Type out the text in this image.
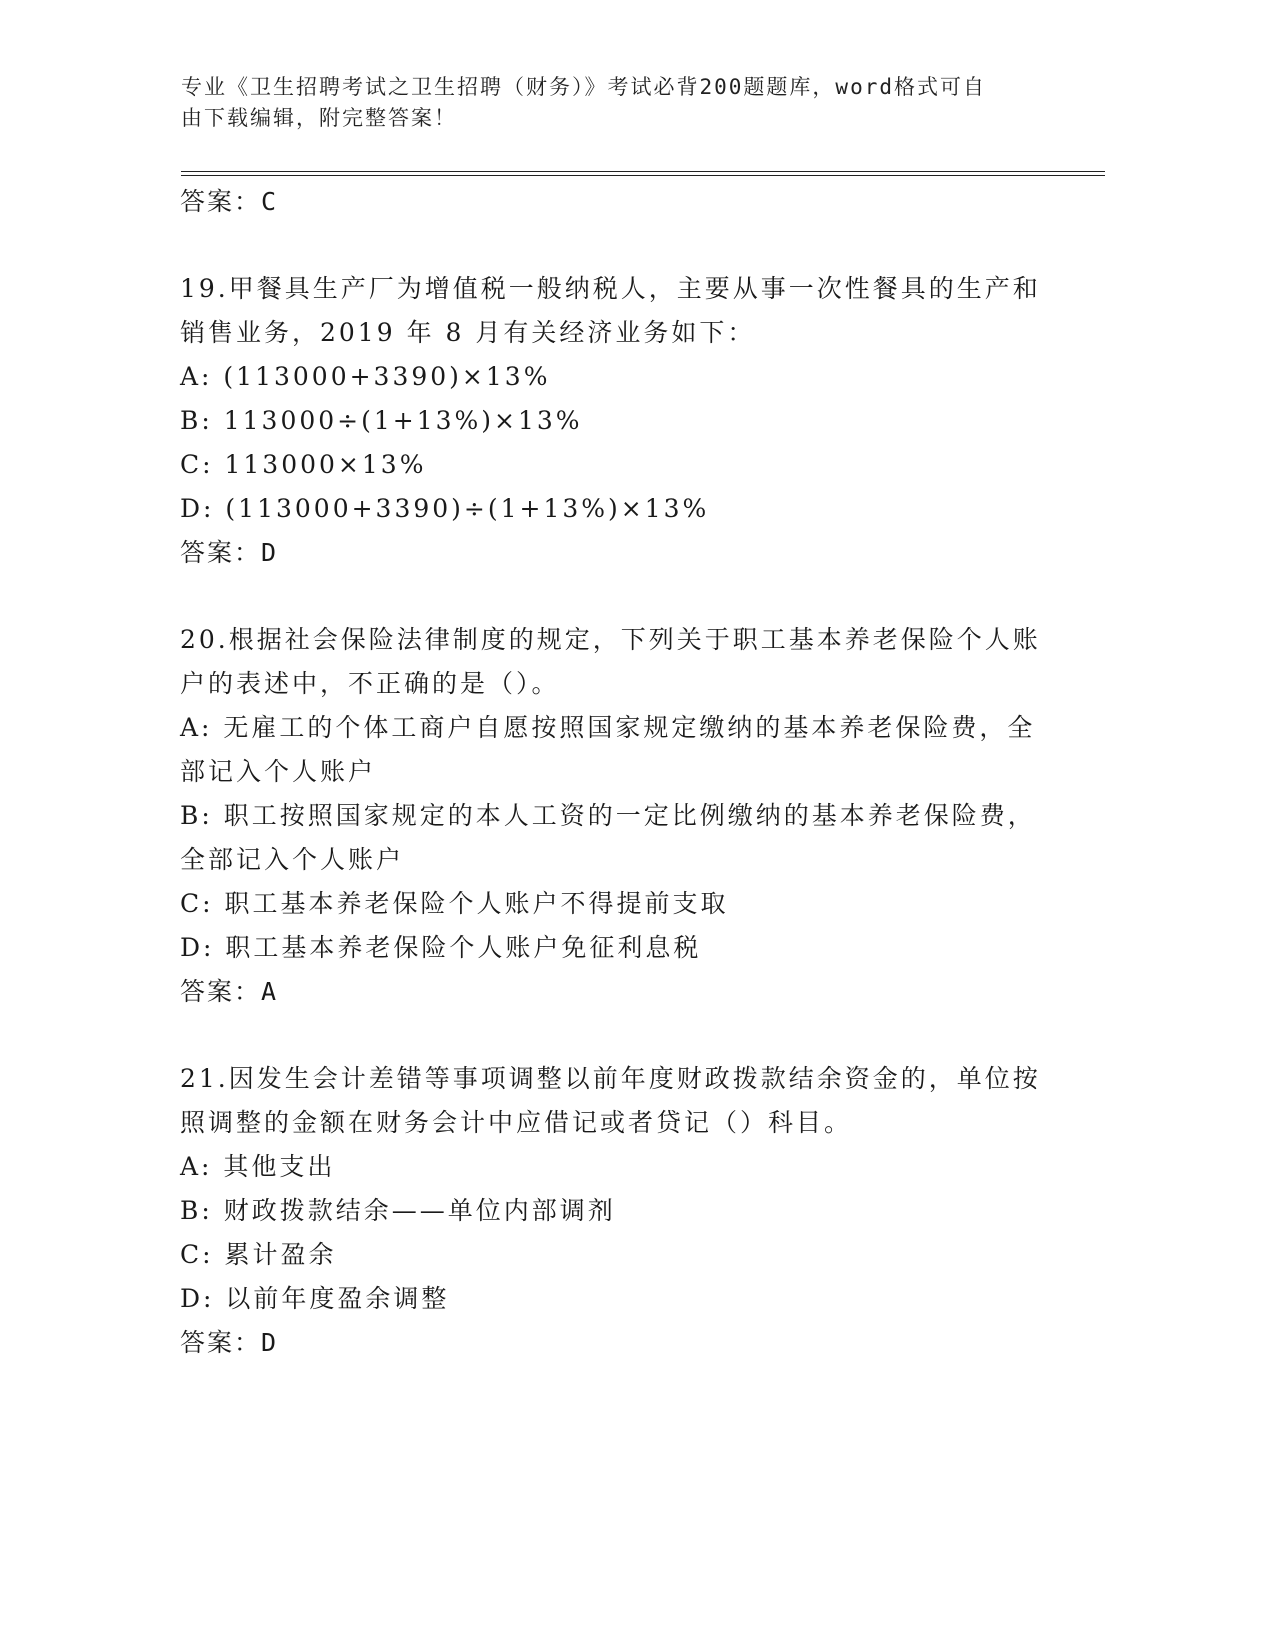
专业《卫生招聘考试之卫生招聘（财务）》考试必背200题题库，word格式可自
由下载编辑，附完整答案！
答案：C
19.甲餐具生产厂为增值税一般纳税人，主要从事一次性餐具的生产和
销售业务，2019 年 8 月有关经济业务如下：
A: (113000+3390)×13%
B: 113000÷(1+13%)×13%
C: 113000×13%
D: (113000+3390)÷(1+13%)×13%
答案：D
20.根据社会保险法律制度的规定，下列关于职工基本养老保险个人账
户的表述中，不正确的是（）。
A: 无雇工的个体工商户自愿按照国家规定缴纳的基本养老保险费，全
部记入个人账户
B: 职工按照国家规定的本人工资的一定比例缴纳的基本养老保险费，
全部记入个人账户
C: 职工基本养老保险个人账户不得提前支取
D: 职工基本养老保险个人账户免征利息税
答案：A
21.因发生会计差错等事项调整以前年度财政拨款结余资金的，单位按
照调整的金额在财务会计中应借记或者贷记（）科目。
A: 其他支出
B: 财政拨款结余——单位内部调剂
C: 累计盈余
D: 以前年度盈余调整
答案：D
